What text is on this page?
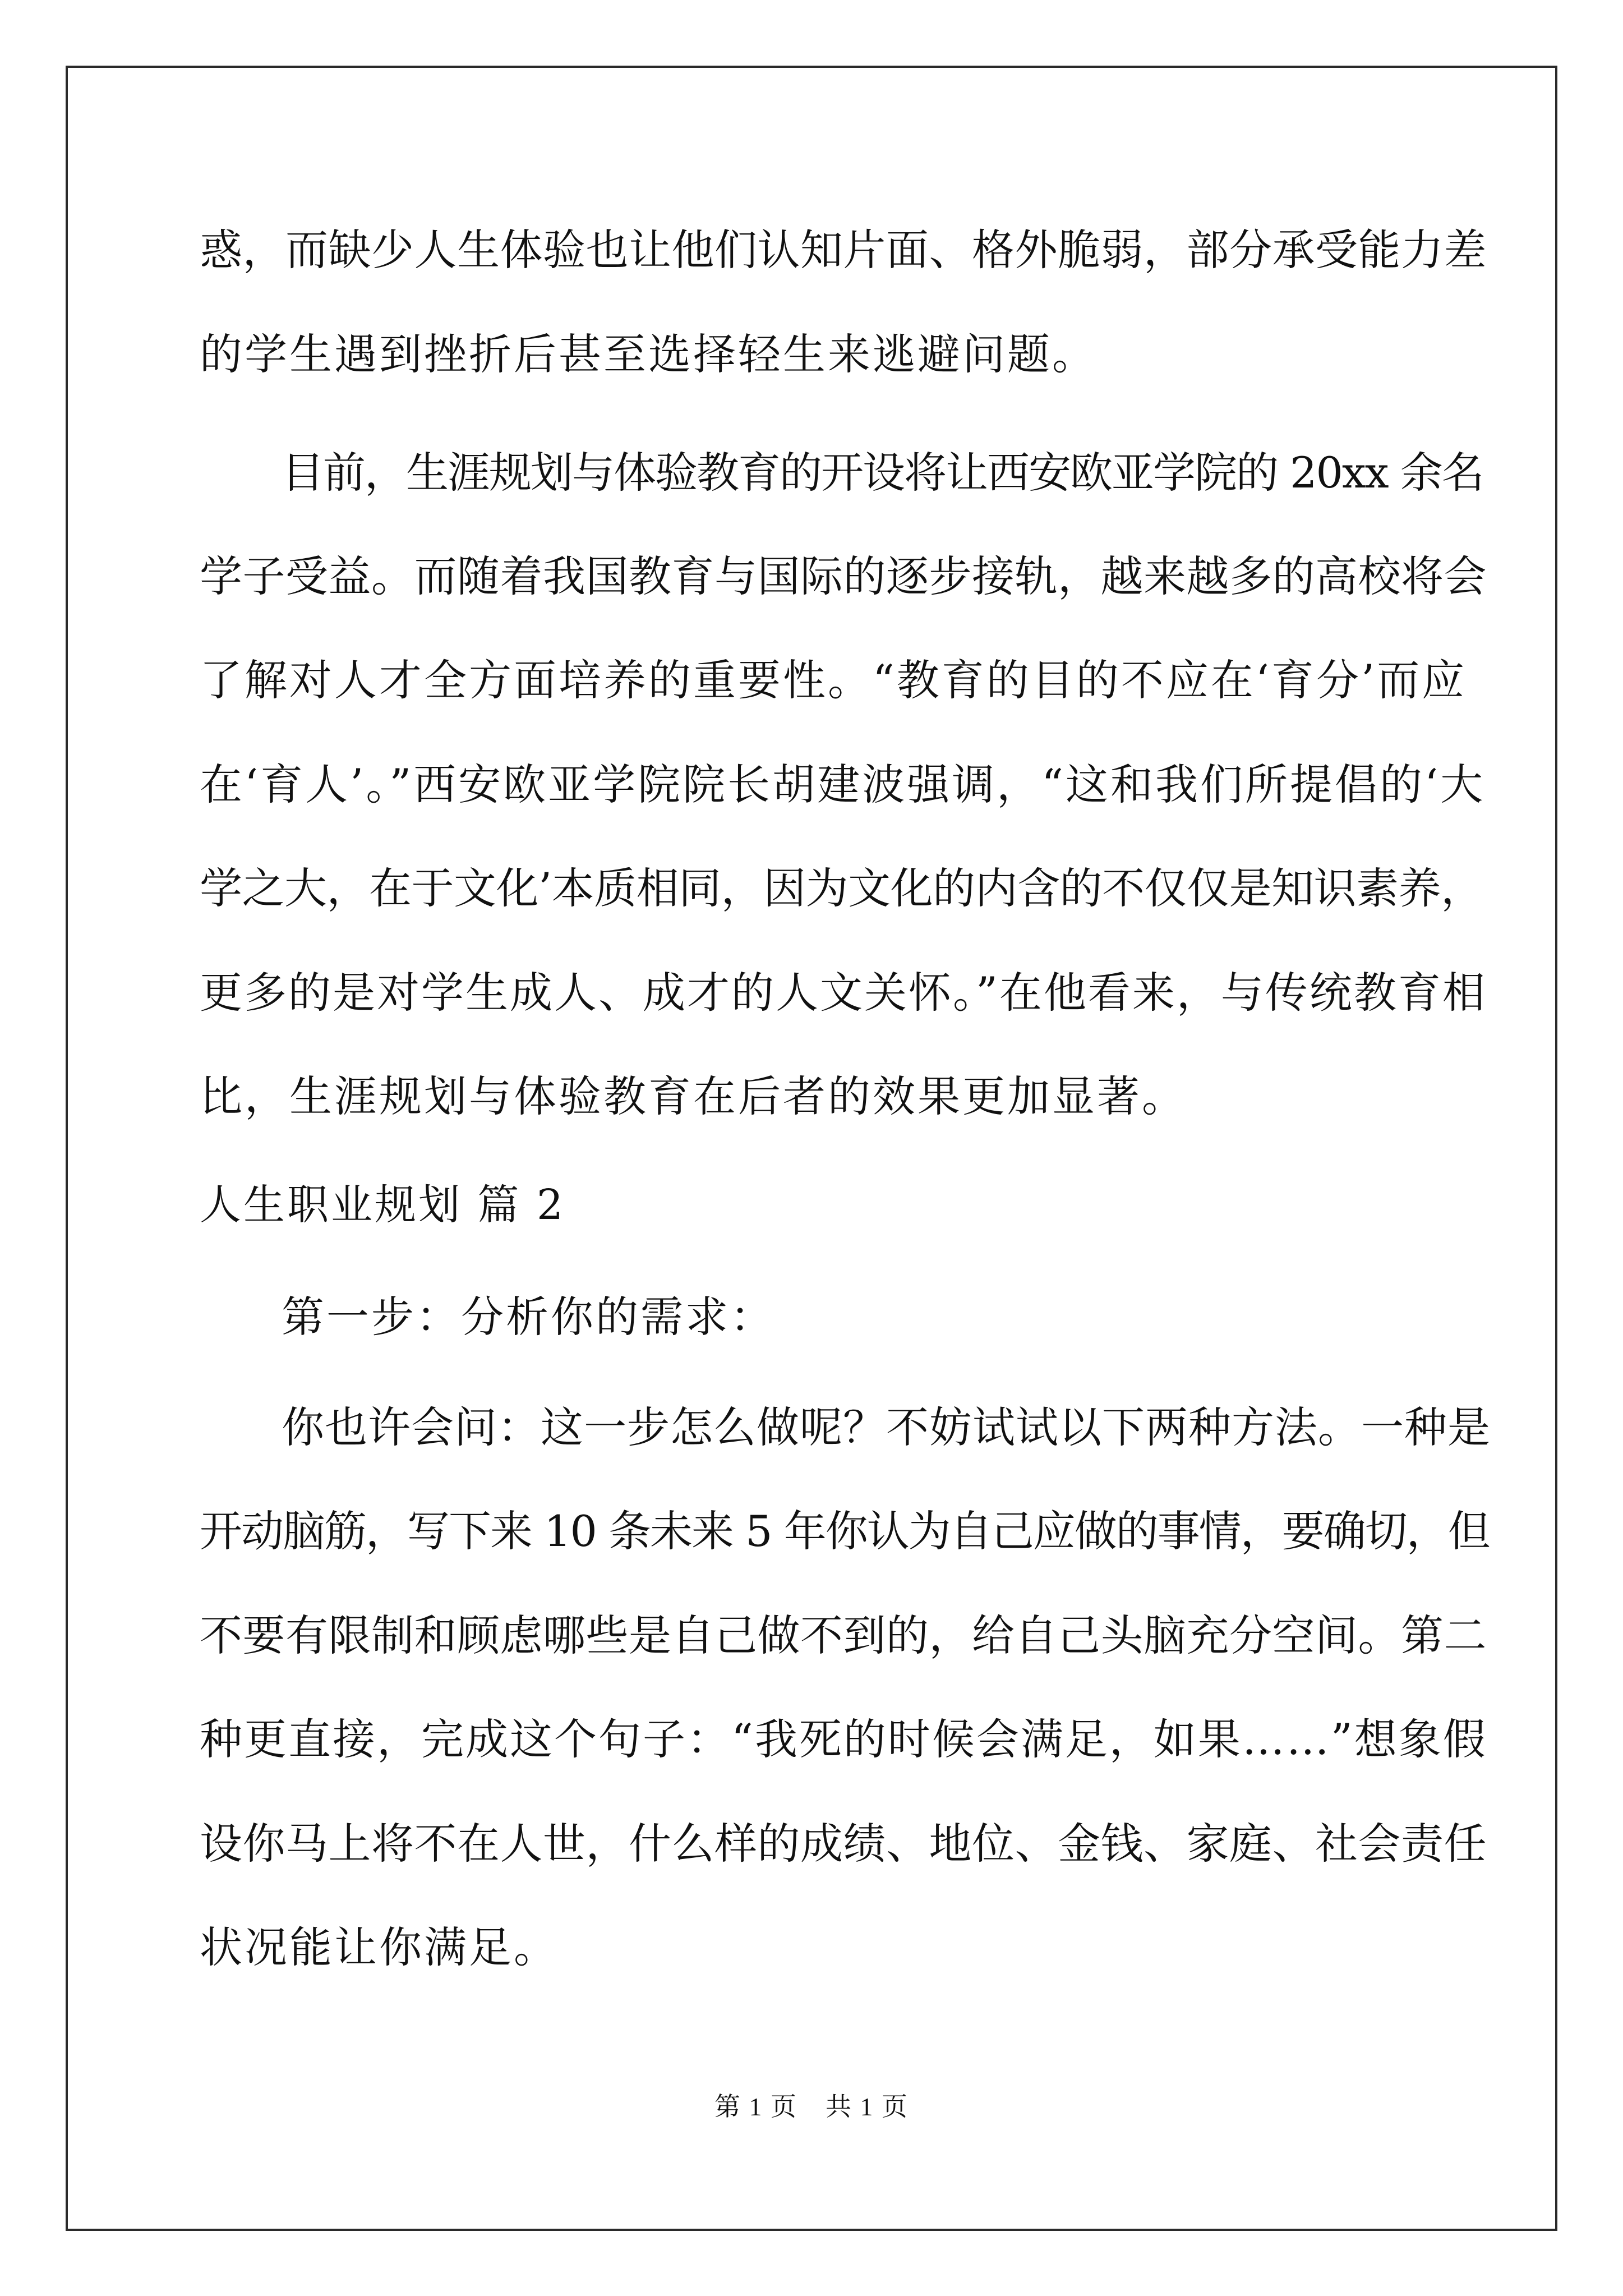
惑，而缺少人生体验也让他们认知片面、格外脆弱，部分承受能力差

的学生遇到挫折后甚至选择轻生来逃避问题。

目前，生涯规划与体验教育的开设将让西安欧亚学院的 20xx 余名

学子受益。而随着我国教育与国际的逐步接轨，越来越多的高校将会

了解对人才全方面培养的重要性。“教育的目的不应在‘育分’而应

在‘育人’。”西安欧亚学院院长胡建波强调，“这和我们所提倡的‘大

学之大，在于文化’本质相同，因为文化的内含的不仅仅是知识素养，

更多的是对学生成人、成才的人文关怀。”在他看来，与传统教育相

比，生涯规划与体验教育在后者的效果更加显著。

人生职业规划 篇 2

第一步：分析你的需求：

你也许会问：这一步怎么做呢？不妨试试以下两种方法。一种是

开动脑筋，写下来 10 条未来 5 年你认为自己应做的事情，要确切，但

不要有限制和顾虑哪些是自己做不到的，给自己头脑充分空间。第二

种更直接，完成这个句子：“我死的时候会满足，如果……”想象假

设你马上将不在人世，什么样的成绩、地位、金钱、家庭、社会责任

状况能让你满足。

第 1 页 共 1 页
